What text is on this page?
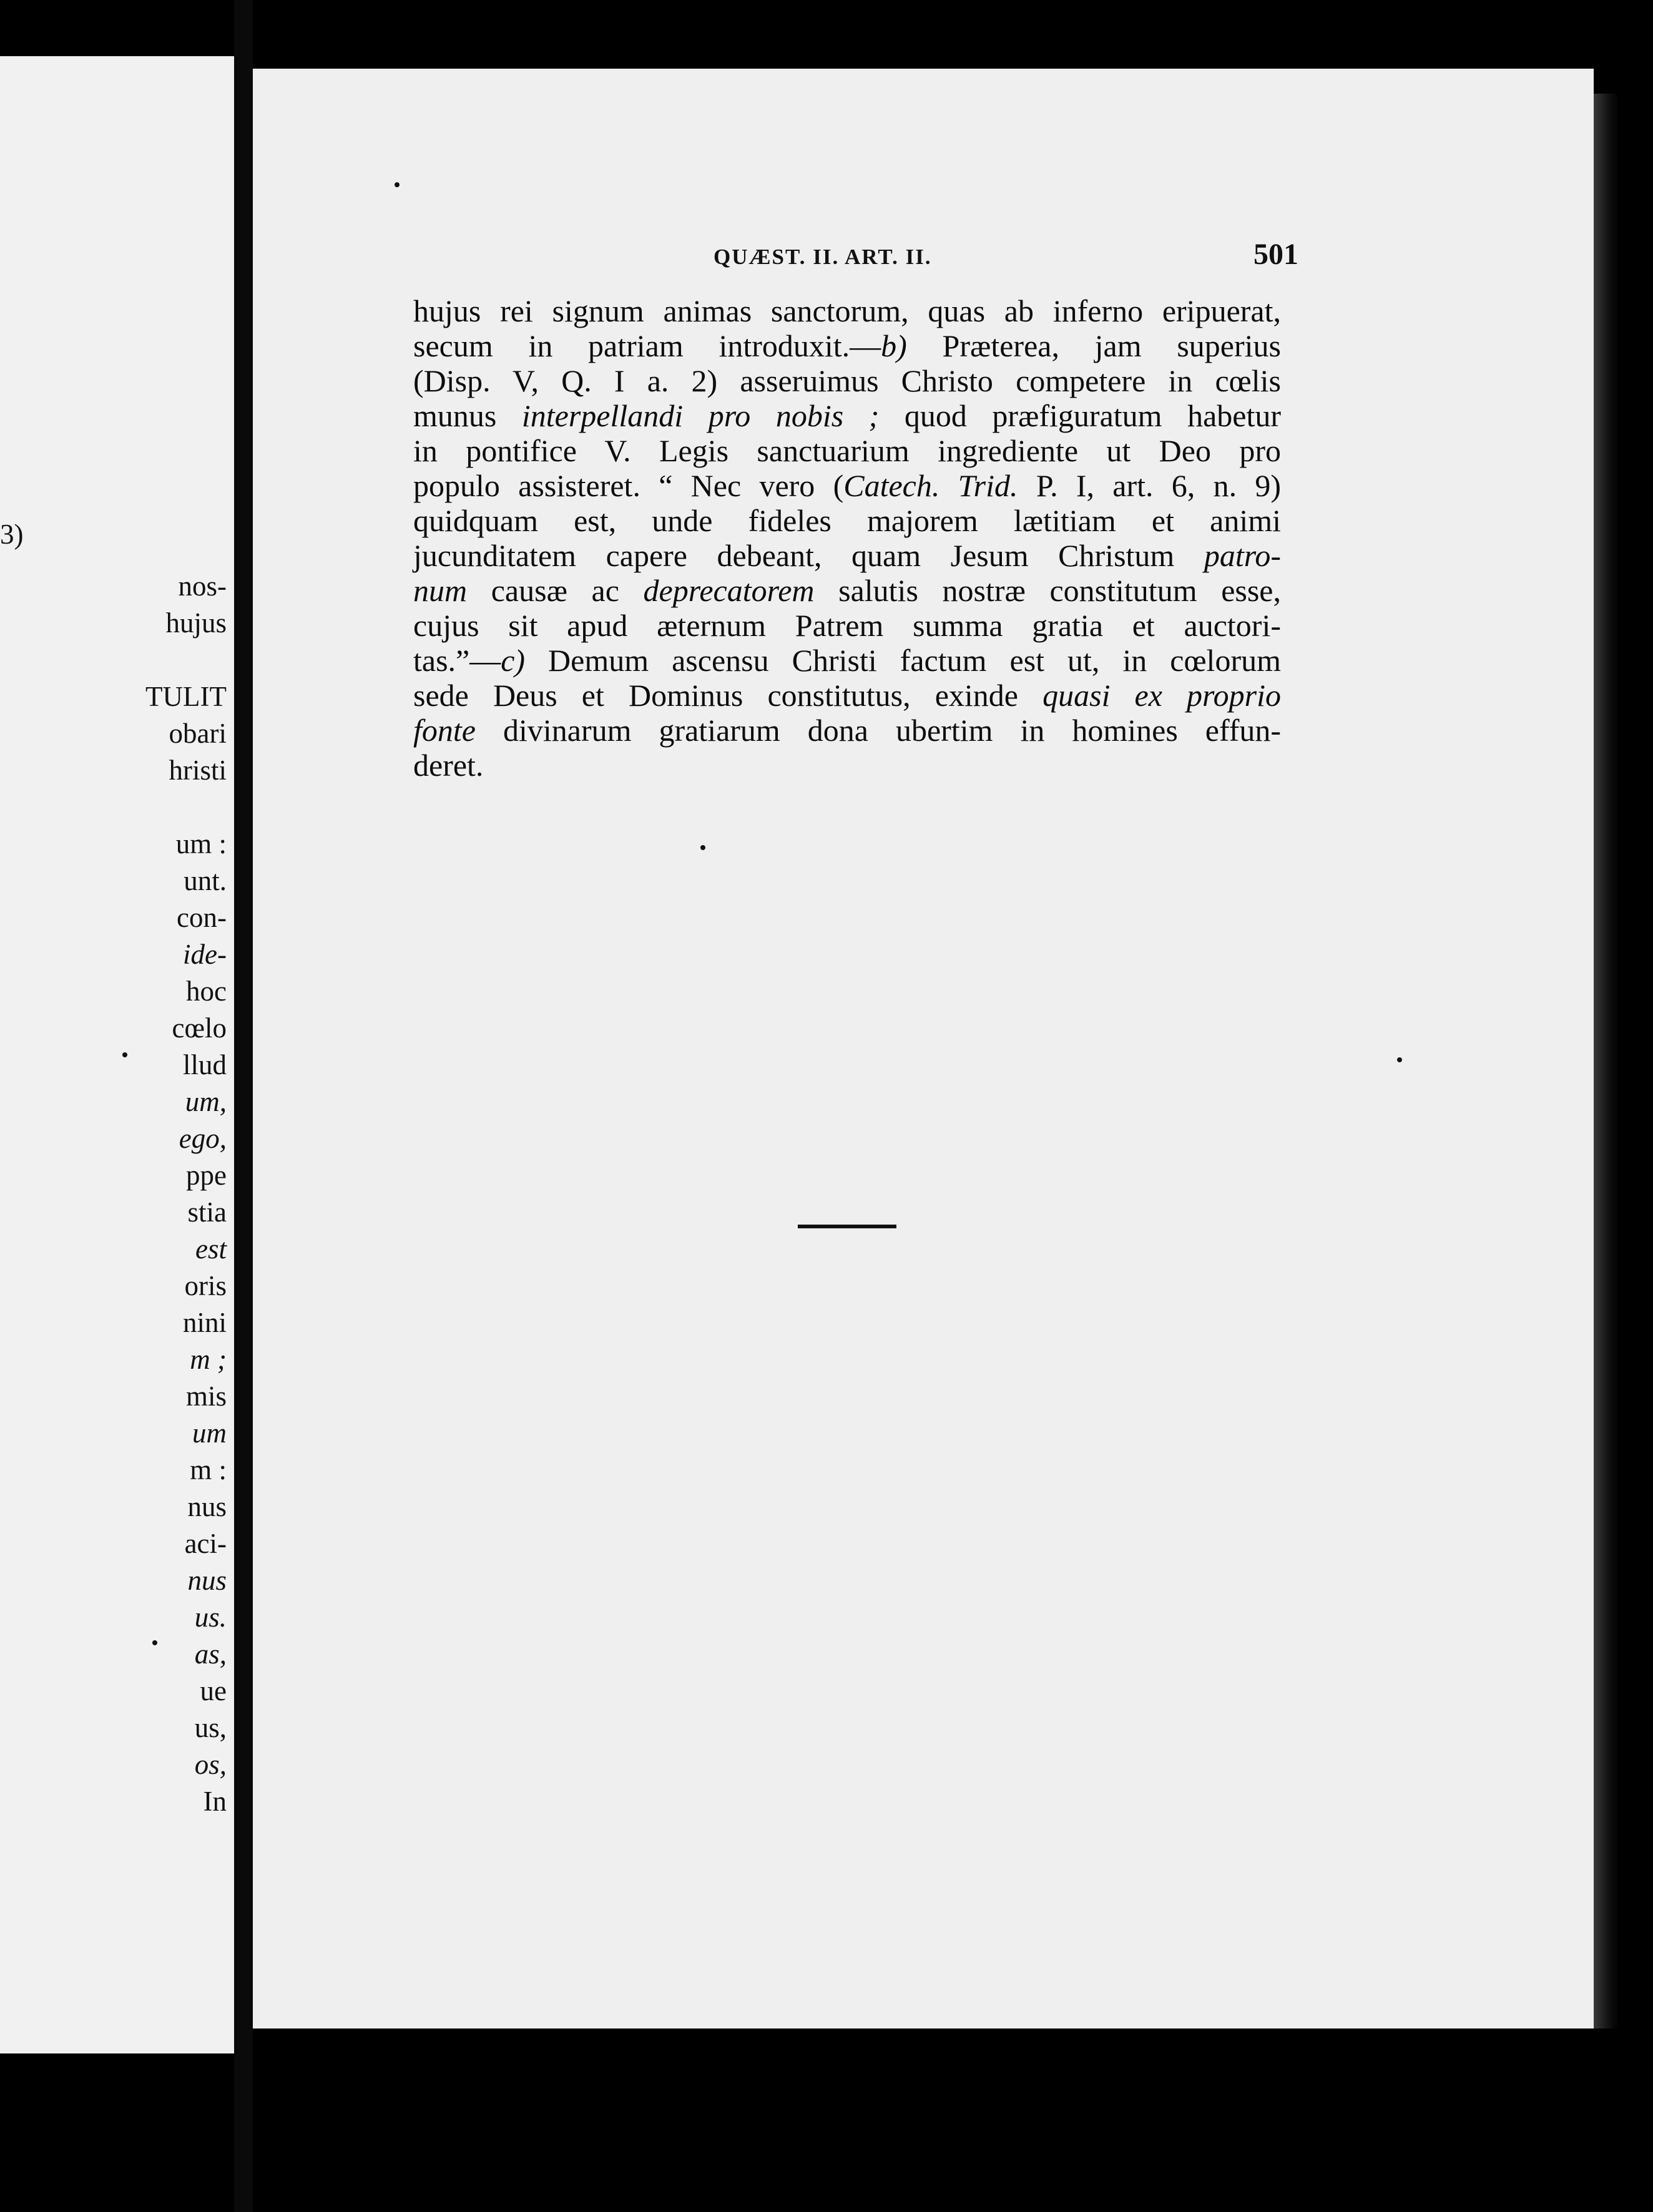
3)
nos-
hujus
TULIT
obari
hristi
um :
unt.
con-
ide-
hoc
cœlo
llud
um,
ego,
ppe
stia
est
oris
nini
m ;
mis
um
m :
nus
aci-
nus
us.
as,
ue
us,
os,
In
QUÆST. II. ART. II.	501
hujus rei signum animas sanctorum, quas ab inferno eripuerat,
secum in patriam introduxit.—b) Præterea, jam superius
(Disp. V, Q. I a. 2) asseruimus Christo competere in cœlis
munus interpellandi pro nobis ; quod præfiguratum habetur
in pontifice V. Legis sanctuarium ingrediente ut Deo pro
populo assisteret. “ Nec vero (Catech. Trid. P. I, art. 6, n. 9)
quidquam est, unde fideles majorem lætitiam et animi
jucunditatem capere debeant, quam Jesum Christum patro-
num causæ ac deprecatorem salutis nostræ constitutum esse,
cujus sit apud æternum Patrem summa gratia et auctori-
tas.”—c) Demum ascensu Christi factum est ut, in cœlorum
sede Deus et Dominus constitutus, exinde quasi ex proprio
fonte divinarum gratiarum dona ubertim in homines effun-
deret.
